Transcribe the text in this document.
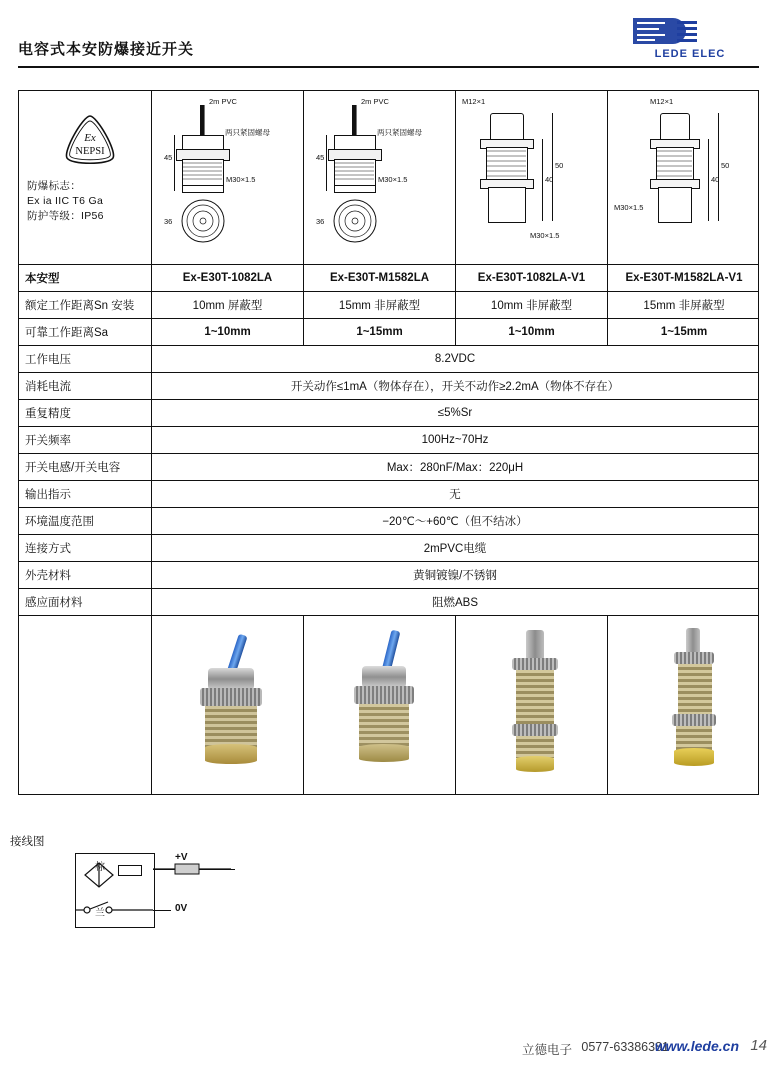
电容式本安防爆接近开关	LEDE ELEC
Ex
NEPSI
防爆标志：
Ex ia IIC T6 Ga
防护等级：IP56
2m PVC
45
两只紧固螺母
M30×1.5
36
2m PVC
45
两只紧固螺母
M30×1.5
36
M12×1
50
40
M30×1.5
M12×1
50
40
M30×1.5
本安型	Ex-E30T-1082LA	Ex-E30T-M1582LA	Ex-E30T-1082LA-V1	Ex-E30T-M1582LA-V1
额定工作距离Sn 安装	10mm 屏蔽型	15mm 非屏蔽型	10mm 非屏蔽型	15mm 非屏蔽型
可靠工作距离Sa	1~10mm	1~15mm	1~10mm	1~15mm
工作电压	8.2VDC
消耗电流	开关动作≤1mA（物体存在），开关不动作≥2.2mA（物体不存在）
重复精度	≤5%Sr
开关频率	100Hz~70Hz
开关电感/开关电容	Max：280nF/Max：220μH
输出指示	无
环境温度范围	−20℃～+60℃（但不结冰）
连接方式	2mPVC电缆
外壳材料	黄铜镀镍/不锈钢
感应面材料	阻燃ABS
接线图
棕
兰
+V
0V
立德电子 0577-63386381
www.lede.cn 14
